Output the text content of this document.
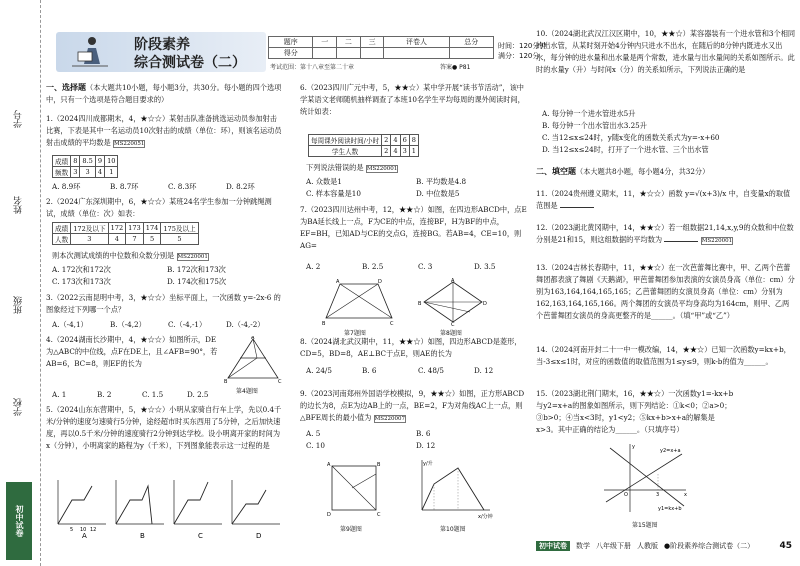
学号
姓名
班级
学校
初中试卷
阶段素养
综合测试卷（二）
题序	一	二	三	评卷人	总分
得分					
时间：120分钟
满分：120分
考试范围：第十八章至第二十章	答案● P81
一、选择题（本大题共10小题，每小题3分，共30分。每小题的四个选项中，只有一个选项是符合题目要求的）
1.（2024四川成都期末，4，★☆☆）某射击队准备挑选运动员参加射击比赛，下表是其中一名运动员10次射击的成绩（单位：环），则该名运动员射击成绩的平均数是 MS220051
成绩	8	8.5	9	10
频数	3	3	4	1
A. 8.9环	B. 8.7环	C. 8.3环	D. 8.2环
2.（2024广东深圳期中，6，★☆☆）某班24名学生参加一分钟跳绳测试，成绩（单位：次）如表：
成绩	172及以下	172	173	174	175及以上
人数	3	4	7	5	5
则本次测试成绩的中位数和众数分别是 MS220001
A. 172次和172次	B. 172次和173次
C. 173次和173次	D. 174次和175次
3.（2022云南昆明中考，3，★☆☆）坐标平面上，一次函数 y=-2x-6 的图象经过下列哪一个点？
A.（-4,1）	B.（-4,2）	C.（-4,-1）	D.（-4,-2）
4.（2024湖南长沙期中，4，★☆☆）如图所示，DE为△ABC的中位线，点F在DE上，且∠AFB=90°，若AB=6，BC=8，则EF的长为
A
B	C
第4题图
A. 1	B. 2	C. 1.5	D. 2.5
5.（2024山东东营期中，5，★☆☆）小明从家骑自行车上学，先以0.4千米/分钟的速度匀速骑行5分钟，途经超市时买东西用了5分钟，之后加快速度，再以0.5千米/分钟的速度骑行2分钟到达学校。设小明离开家的时间为x（分钟），小明离家的路程为y（千米），下列图象能表示这一过程的是
A	B	C	D
5 10 12
6.（2023四川广元中考，5，★★☆）某中学开展“读书节活动”，该中学某语文老师随机抽样调查了本班10名学生平均每周的课外阅读时间，统计如表：
每周课外阅读时间/小时	2	4	6	8
学生人数	2	4	3	1
下列说法错误的是 MS220001
A. 众数是1	B. 平均数是4.8
C. 样本容量是10	D. 中位数是5
7.（2023四川达州中考，12，★★☆）如图，在四边形ABCD中，点E为BA延长线上一点，F为CE的中点，连接BF，H为BF的中点，EF=BH，已知AD与CE的交点G，连接BG。若AB=4，CE=10，则AG=
A. 2	B. 2.5	C. 3	D. 3.5
B	C
A	D	A
B	D
C
第7题图	第8题图
8.（2024湖北武汉期中，11，★★☆）如图，四边形ABCD是菱形，CD=5，BD=8，AE⊥BC于点E，则AE的长为
A. 24/5	B. 6	C. 48/5	D. 12
9.（2023河南郑州外国语学校模拟，9，★★☆）如图，正方形ABCD的边长为8，点E为边AB上的一点，BE=2，F为对角线AC上一点，则△BFE周长的最小值为 MS220007
A. 5	B. 6
C. 10	D. 12
A	B
C
D
y/升
x/分钟
第9题图	第10题图
10.（2024湖北武汉江汉区期中，10，★★☆）某容器装有一个进水管和3个相同的出水管，从某时刻开始4分钟内只进水不出水，在随后的8分钟内既进水又出水，每分钟的进水量和出水量是两个常数，进水量与出水量间的关系如图所示。此时的水量y（升）与时间x（分）的关系如所示，下列说法正确的是
A. 每分钟一个进水管进水5升
B. 每分钟一个出水管出水3.25升
C. 当12≤x≤24时，y随x变化的函数关系式为y=-x+60
D. 当12≤x≤24时，打开了一个进水管、三个出水管
二、填空题（本大题共8小题，每小题4分，共32分）
11.（2024贵州遵义期末，11，★☆☆）函数 y=√(x+3)/x 中，自变量x的取值范围是
12.（2023湖北黄冈期中，14，★★☆）若一组数据21,14,x,y,9的众数和中位数分别是21和15，则这组数据的平均数为	MS220001
13.（2024吉林长春期中，11，★★☆）在一次芭蕾舞比赛中，甲、乙两个芭蕾舞团都表演了舞剧《天鹅湖》，甲芭蕾舞团参加表演的女演员身高（单位：cm）分别为163,164,164,165,165；乙芭蕾舞团的女演员身高（单位：cm）分别为162,163,164,165,166。两个舞团的女演员平均身高均为164cm，则甲、乙两个芭蕾舞团女演员的身高更整齐的是______。（填“甲”或“乙”）
14.（2024河南开封二十一中一模改编，14，★★☆）已知一次函数y=kx+b，当-3≤x≤1时，对应的函数值的取值范围为1≤y≤9，则k-b的值为______。
15.（2023湖北荆门期末，16，★★☆）一次函数y1=-kx+b与y2=x+a的图象如图所示，则下列结论：①k<0；②a>0；③b>0；④当x<3时，y1<y2；⑤kx+b>x+a的解集是x>3。其中正确的结论为______。（只填序号）
y2=x+a
y1=kx+b
O	3	x
y
第15题图
初中试卷	数学 八年级下册 人教版 ●阶段素养综合测试卷（二）	45
